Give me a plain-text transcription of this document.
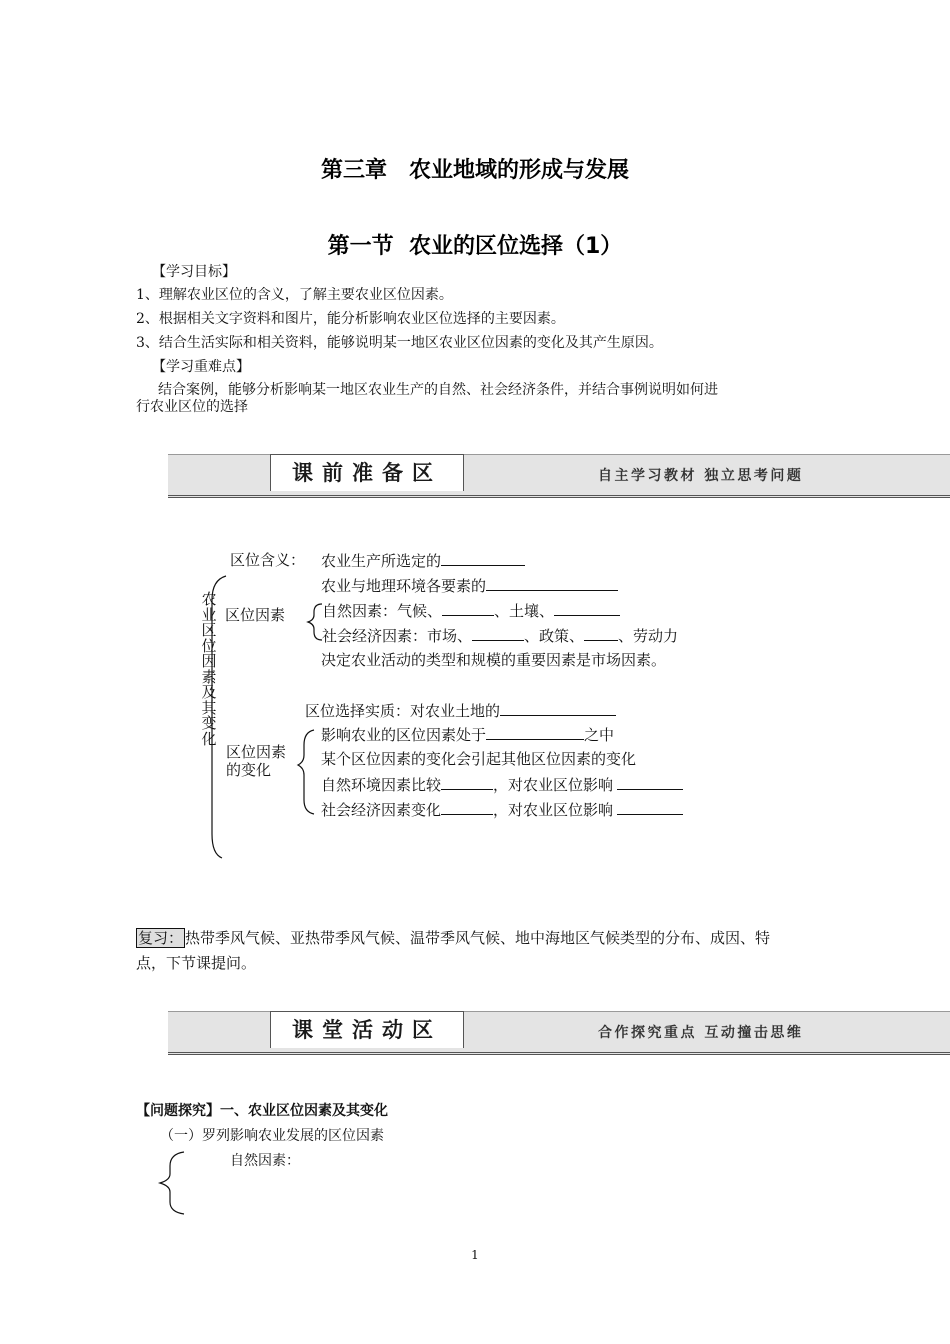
第三章　农业地域的形成与发展
第一节  农业的区位选择（1）
【学习目标】
1、理解农业区位的含义，了解主要农业区位因素。
2、根据相关文字资料和图片，能分析影响农业区位选择的主要因素。
3、结合生活实际和相关资料，能够说明某一地区农业区位因素的变化及其产生原因。
【学习重难点】
结合案例，能够分析影响某一地区农业生产的自然、社会经济条件，并结合事例说明如何进
行农业区位的选择
课前准备区	自主学习教材 独立思考问题
农
业
区
位
因
素
及
其
变
化
区位含义： 农业生产所选定的
农业与地理环境各要素的
区位因素 自然因素：气候、	、土壤、
社会经济因素：市场、	、政策、 、劳动力
决定农业活动的类型和规模的重要因素是市场因素。
区位选择实质：对农业土地的
区位因素
的变化
影响农业的区位因素处于	之中
某个区位因素的变化会引起其他区位因素的变化
自然环境因素比较	，对农业区位影响
社会经济因素变化	，对农业区位影响
复习： 热带季风气候、亚热带季风气候、温带季风气候、地中海地区气候类型的分布、成因、特
点，下节课提问。
课堂活动区	合作探究重点 互动撞击思维
【问题探究】一、农业区位因素及其变化
（一）罗列影响农业发展的区位因素
自然因素：
1
